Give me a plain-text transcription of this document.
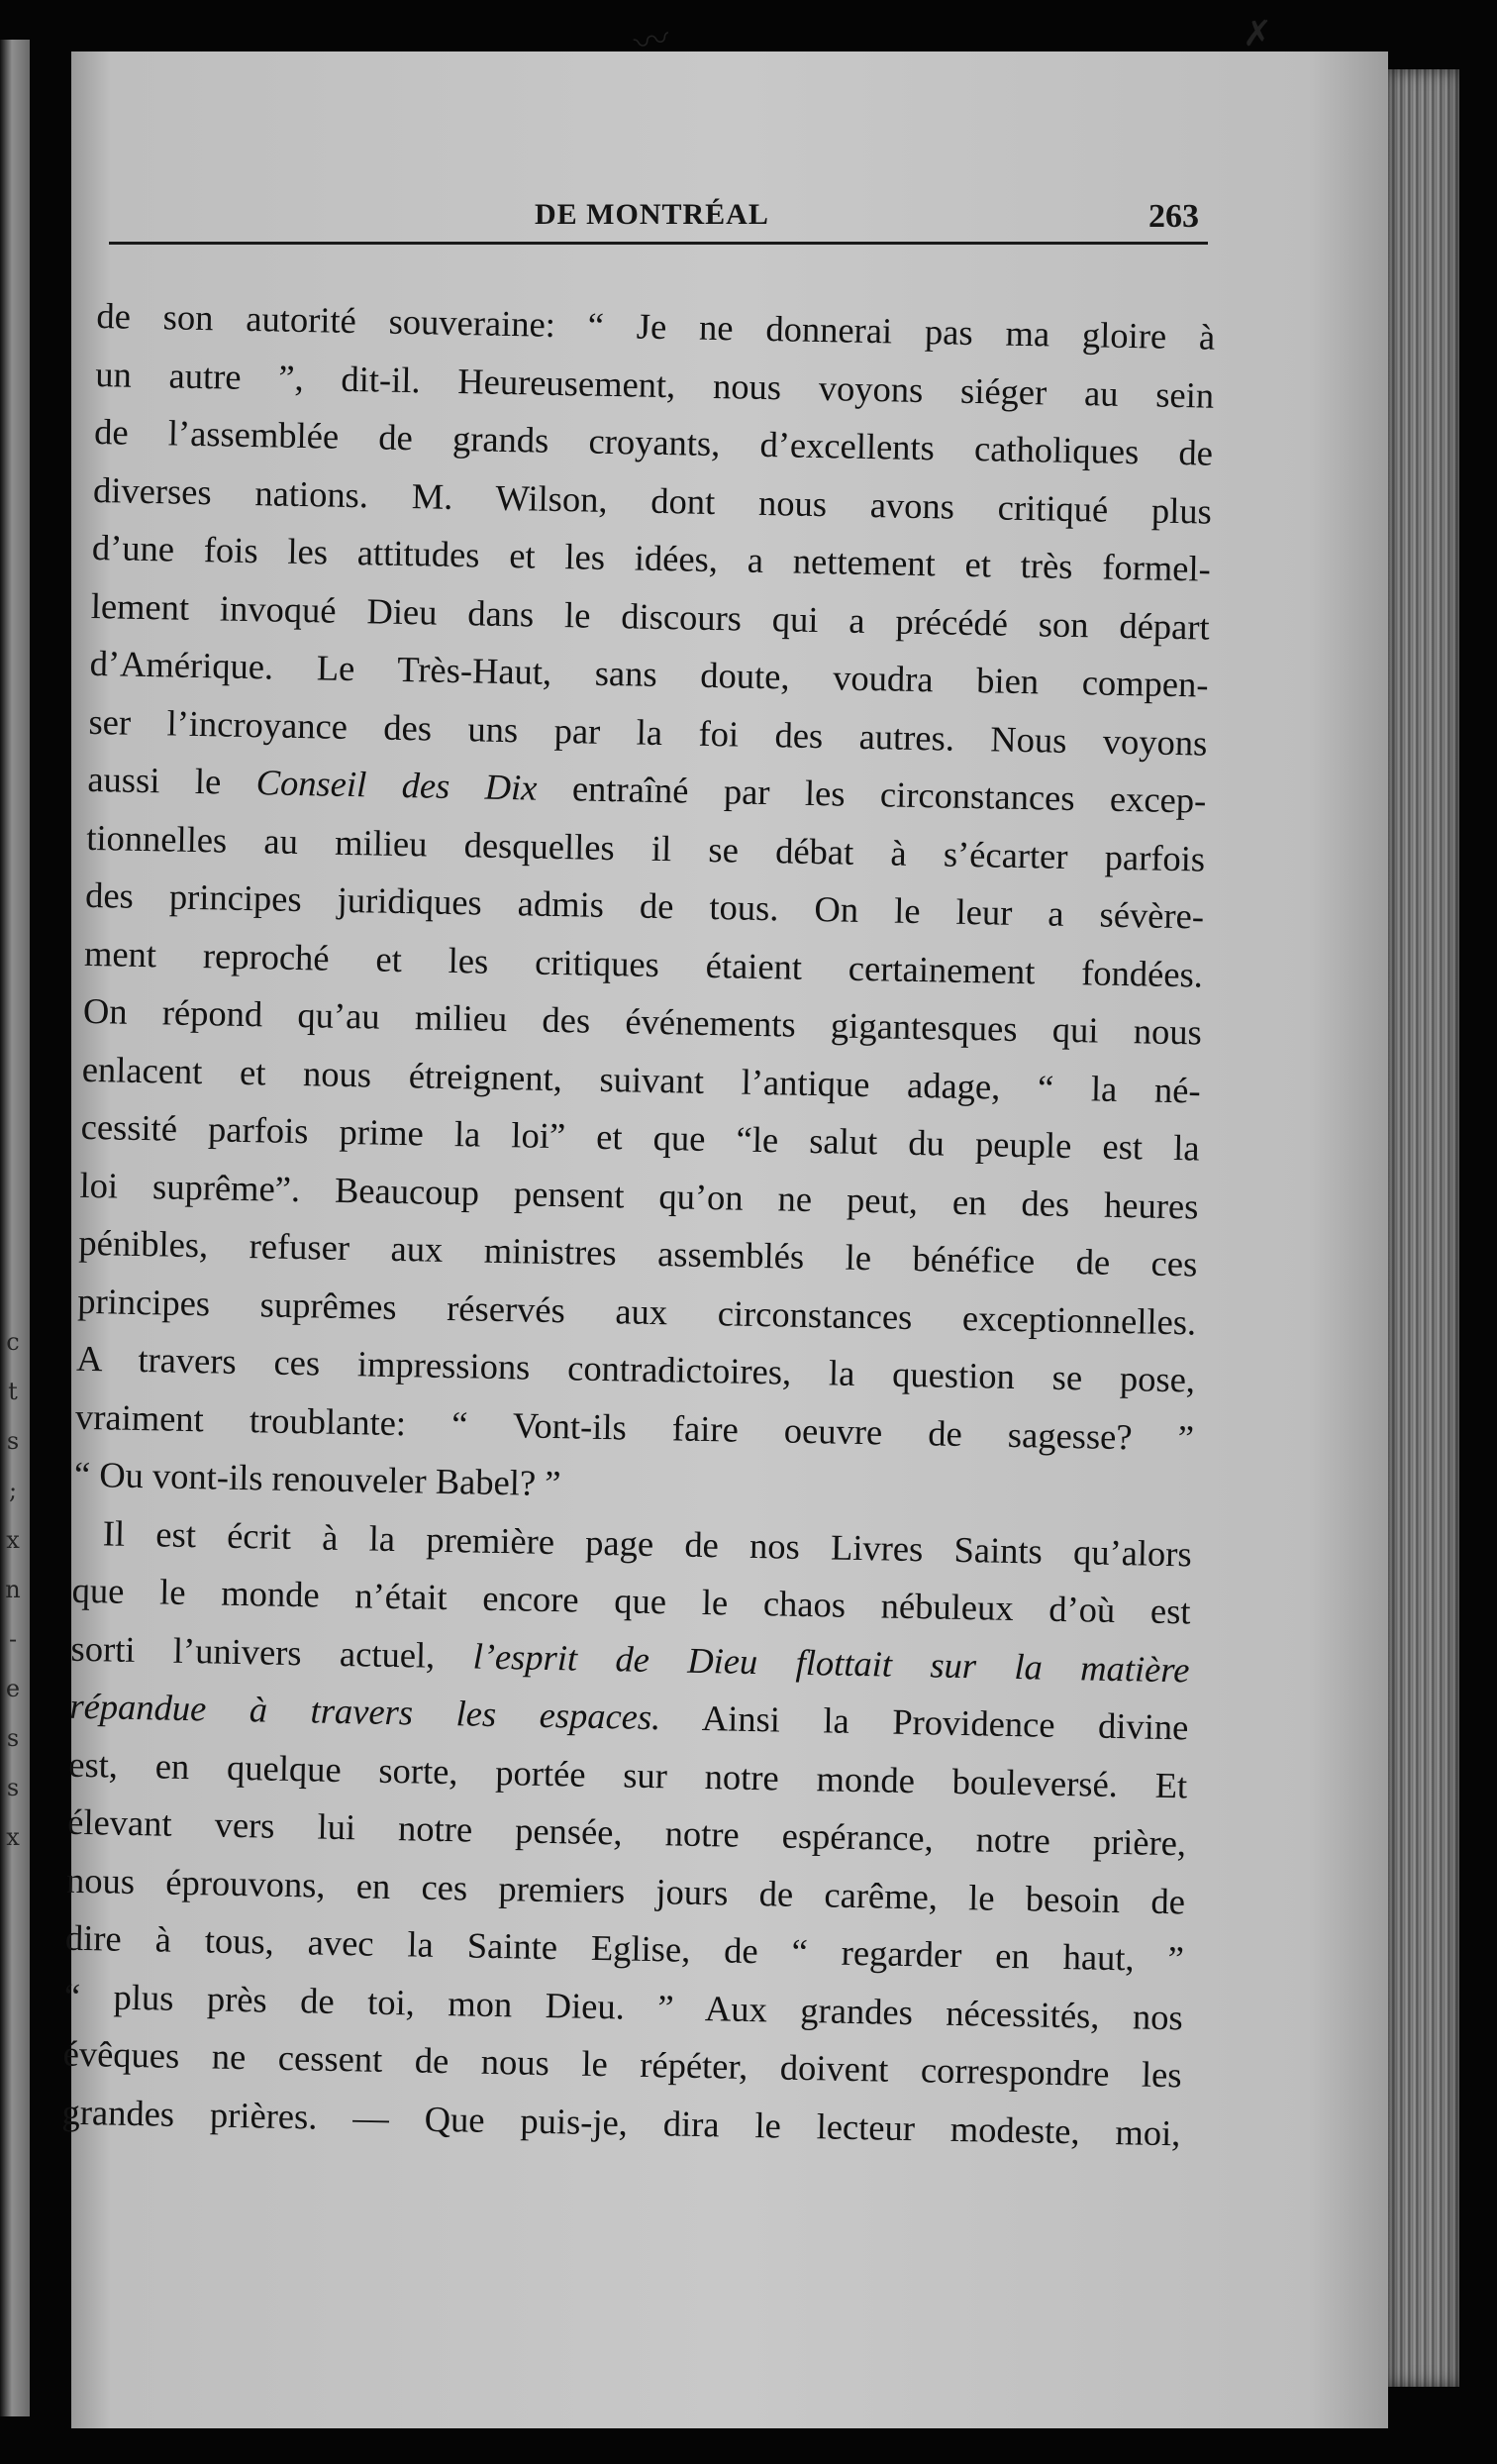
c
t
s
;
x
n
-
e
s
s
x
〰	✗
DE MONTRÉAL	263
de son autorité souveraine: “ Je ne donnerai pas ma gloire à
un autre ”, dit-il. Heureusement, nous voyons siéger au sein
de l’assemblée de grands croyants, d’excellents catholiques de
diverses nations. M. Wilson, dont nous avons critiqué plus
d’une fois les attitudes et les idées, a nettement et très formel-
lement invoqué Dieu dans le discours qui a précédé son départ
d’Amérique. Le Très-Haut, sans doute, voudra bien compen-
ser l’incroyance des uns par la foi des autres. Nous voyons
aussi le Conseil des Dix entraîné par les circonstances excep-
tionnelles au milieu desquelles il se débat à s’écarter parfois
des principes juridiques admis de tous. On le leur a sévère-
ment reproché et les critiques étaient certainement fondées.
On répond qu’au milieu des événements gigantesques qui nous
enlacent et nous étreignent, suivant l’antique adage, “ la né-
cessité parfois prime la loi” et que “le salut du peuple est la
loi suprême”. Beaucoup pensent qu’on ne peut, en des heures
pénibles, refuser aux ministres assemblés le bénéfice de ces
principes suprêmes réservés aux circonstances exceptionnelles.
A travers ces impressions contradictoires, la question se pose,
vraiment troublante: “ Vont-ils faire oeuvre de sagesse? ”
“ Ou vont-ils renouveler Babel? ”
Il est écrit à la première page de nos Livres Saints qu’alors
que le monde n’était encore que le chaos nébuleux d’où est
sorti l’univers actuel, l’esprit de Dieu flottait sur la matière
répandue à travers les espaces. Ainsi la Providence divine
est, en quelque sorte, portée sur notre monde bouleversé. Et
élevant vers lui notre pensée, notre espérance, notre prière,
nous éprouvons, en ces premiers jours de carême, le besoin de
dire à tous, avec la Sainte Eglise, de “ regarder en haut, ”
“ plus près de toi, mon Dieu. ” Aux grandes nécessités, nos
évêques ne cessent de nous le répéter, doivent correspondre les
grandes prières. — Que puis-je, dira le lecteur modeste, moi,
